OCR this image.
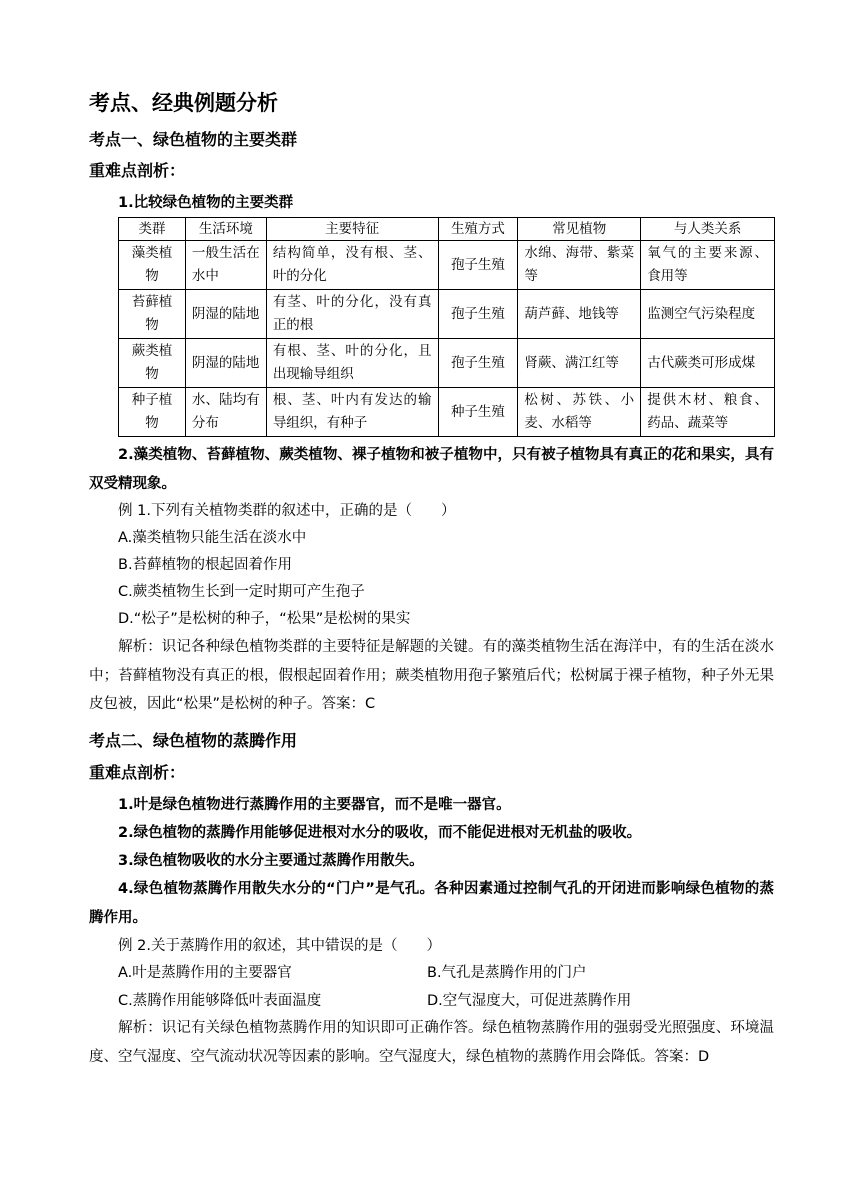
考点、经典例题分析
考点一、绿色植物的主要类群
重难点剖析：
1.比较绿色植物的主要类群
类群	生活环境	主要特征	生殖方式	常见植物	与人类关系
藻类植物	一般生活在水中	结构简单，没有根、茎、叶的分化	孢子生殖	水绵、海带、紫菜等	氧气的主要来源、食用等
苔藓植物	阴湿的陆地	有茎、叶的分化，没有真正的根	孢子生殖	葫芦藓、地钱等	监测空气污染程度
蕨类植物	阴湿的陆地	有根、茎、叶的分化，且出现输导组织	孢子生殖	肾蕨、满江红等	古代蕨类可形成煤
种子植物	水、陆均有分布	根、茎、叶内有发达的输导组织，有种子	种子生殖	松树、苏铁、小麦、水稻等	提供木材、粮食、药品、蔬菜等
2.藻类植物、苔藓植物、蕨类植物、裸子植物和被子植物中，只有被子植物具有真正的花和果实，具有双受精现象。
例 1.下列有关植物类群的叙述中，正确的是（　　）
A.藻类植物只能生活在淡水中
B.苔藓植物的根起固着作用
C.蕨类植物生长到一定时期可产生孢子
D.“松子”是松树的种子，“松果”是松树的果实
解析：识记各种绿色植物类群的主要特征是解题的关键。有的藻类植物生活在海洋中，有的生活在淡水中；苔藓植物没有真正的根，假根起固着作用；蕨类植物用孢子繁殖后代；松树属于裸子植物，种子外无果皮包被，因此“松果”是松树的种子。答案：C
考点二、绿色植物的蒸腾作用
重难点剖析：
1.叶是绿色植物进行蒸腾作用的主要器官，而不是唯一器官。
2.绿色植物的蒸腾作用能够促进根对水分的吸收，而不能促进根对无机盐的吸收。
3.绿色植物吸收的水分主要通过蒸腾作用散失。
4.绿色植物蒸腾作用散失水分的“门户”是气孔。各种因素通过控制气孔的开闭进而影响绿色植物的蒸腾作用。
例 2.关于蒸腾作用的叙述，其中错误的是（　　）
A.叶是蒸腾作用的主要器官	B.气孔是蒸腾作用的门户
C.蒸腾作用能够降低叶表面温度	D.空气湿度大，可促进蒸腾作用
解析：识记有关绿色植物蒸腾作用的知识即可正确作答。绿色植物蒸腾作用的强弱受光照强度、环境温度、空气湿度、空气流动状况等因素的影响。空气湿度大，绿色植物的蒸腾作用会降低。答案：D
